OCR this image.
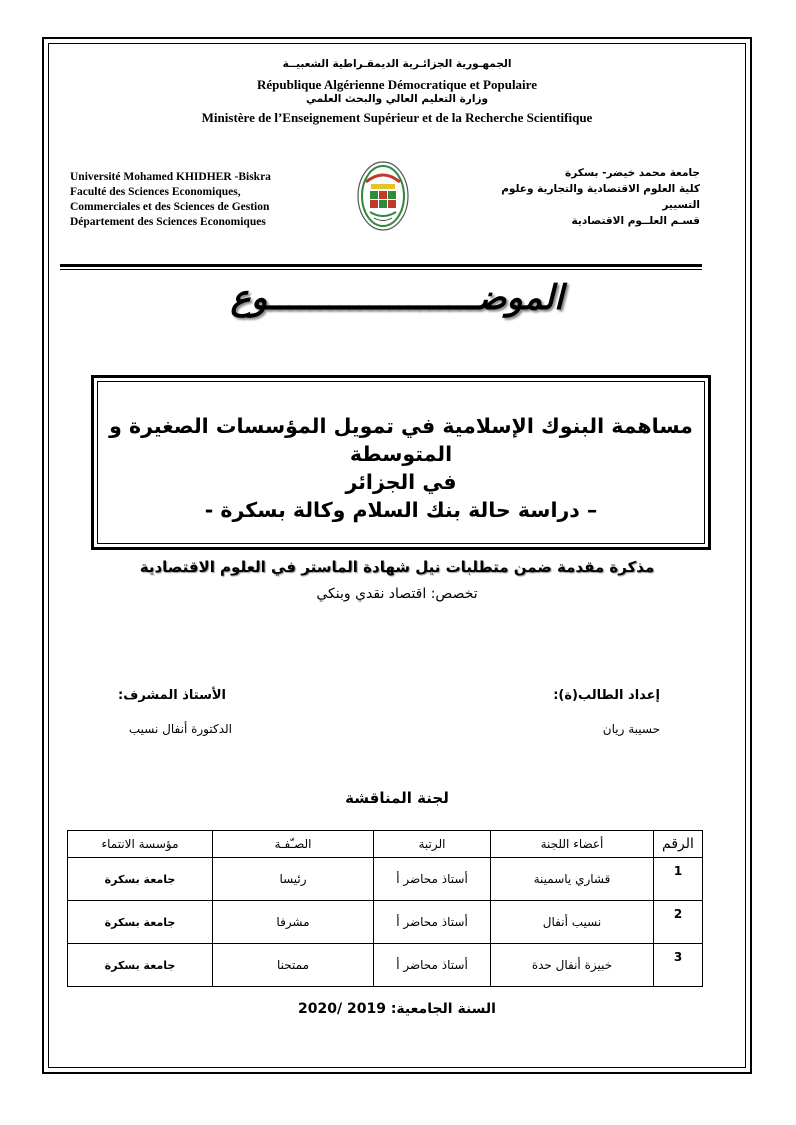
الجمهـورية الجزائـرية الديمقـراطية الشعبيــة
République Algérienne Démocratique et Populaire
وزارة التعليم العالي والبحث العلمي
Ministère de l’Enseignement Supérieur et de la Recherche Scientifique
Université Mohamed KHIDHER -Biskra
Faculté des Sciences Economiques,
Commerciales et des Sciences de Gestion
Département des Sciences Economiques
جامعة محمد خيضر- بسكرة
كلية العلوم الاقتصادية والتجارية وعلوم
التسيير
قسـم العلــوم الاقتصادية
الموضـــــــــــــــــــــوع
مساهمة البنوك الإسلامية في تمويل المؤسسات الصغيرة و المتوسطة
في الجزائر
– دراسة حالة بنك السلام وكالة بسكرة -
مذكرة مقدمة ضمن متطلبات نيل شهادة الماستر في العلوم الاقتصادية
تخصص: اقتصاد نقدي وبنكي
إعداد الطالب(ة):
حسيبة ريان
الأستاذ المشرف:
الدكتورة أنفال نسيب
لجنة المناقشة
الرقم	أعضاء اللجنة	الرتبة	الصـّفـة	مؤسسة الانتماء
1	قشاري ياسمينة	أستاذ محاضر أ	رئيسا	جامعة بسكرة
2	نسيب أنفال	أستاذ محاضر أ	مشرفا	جامعة بسكرة
3	خبيزة أنفال حدة	أستاذ محاضر أ	ممتحنا	جامعة بسكرة
السنة الجامعية: 2019 /2020
